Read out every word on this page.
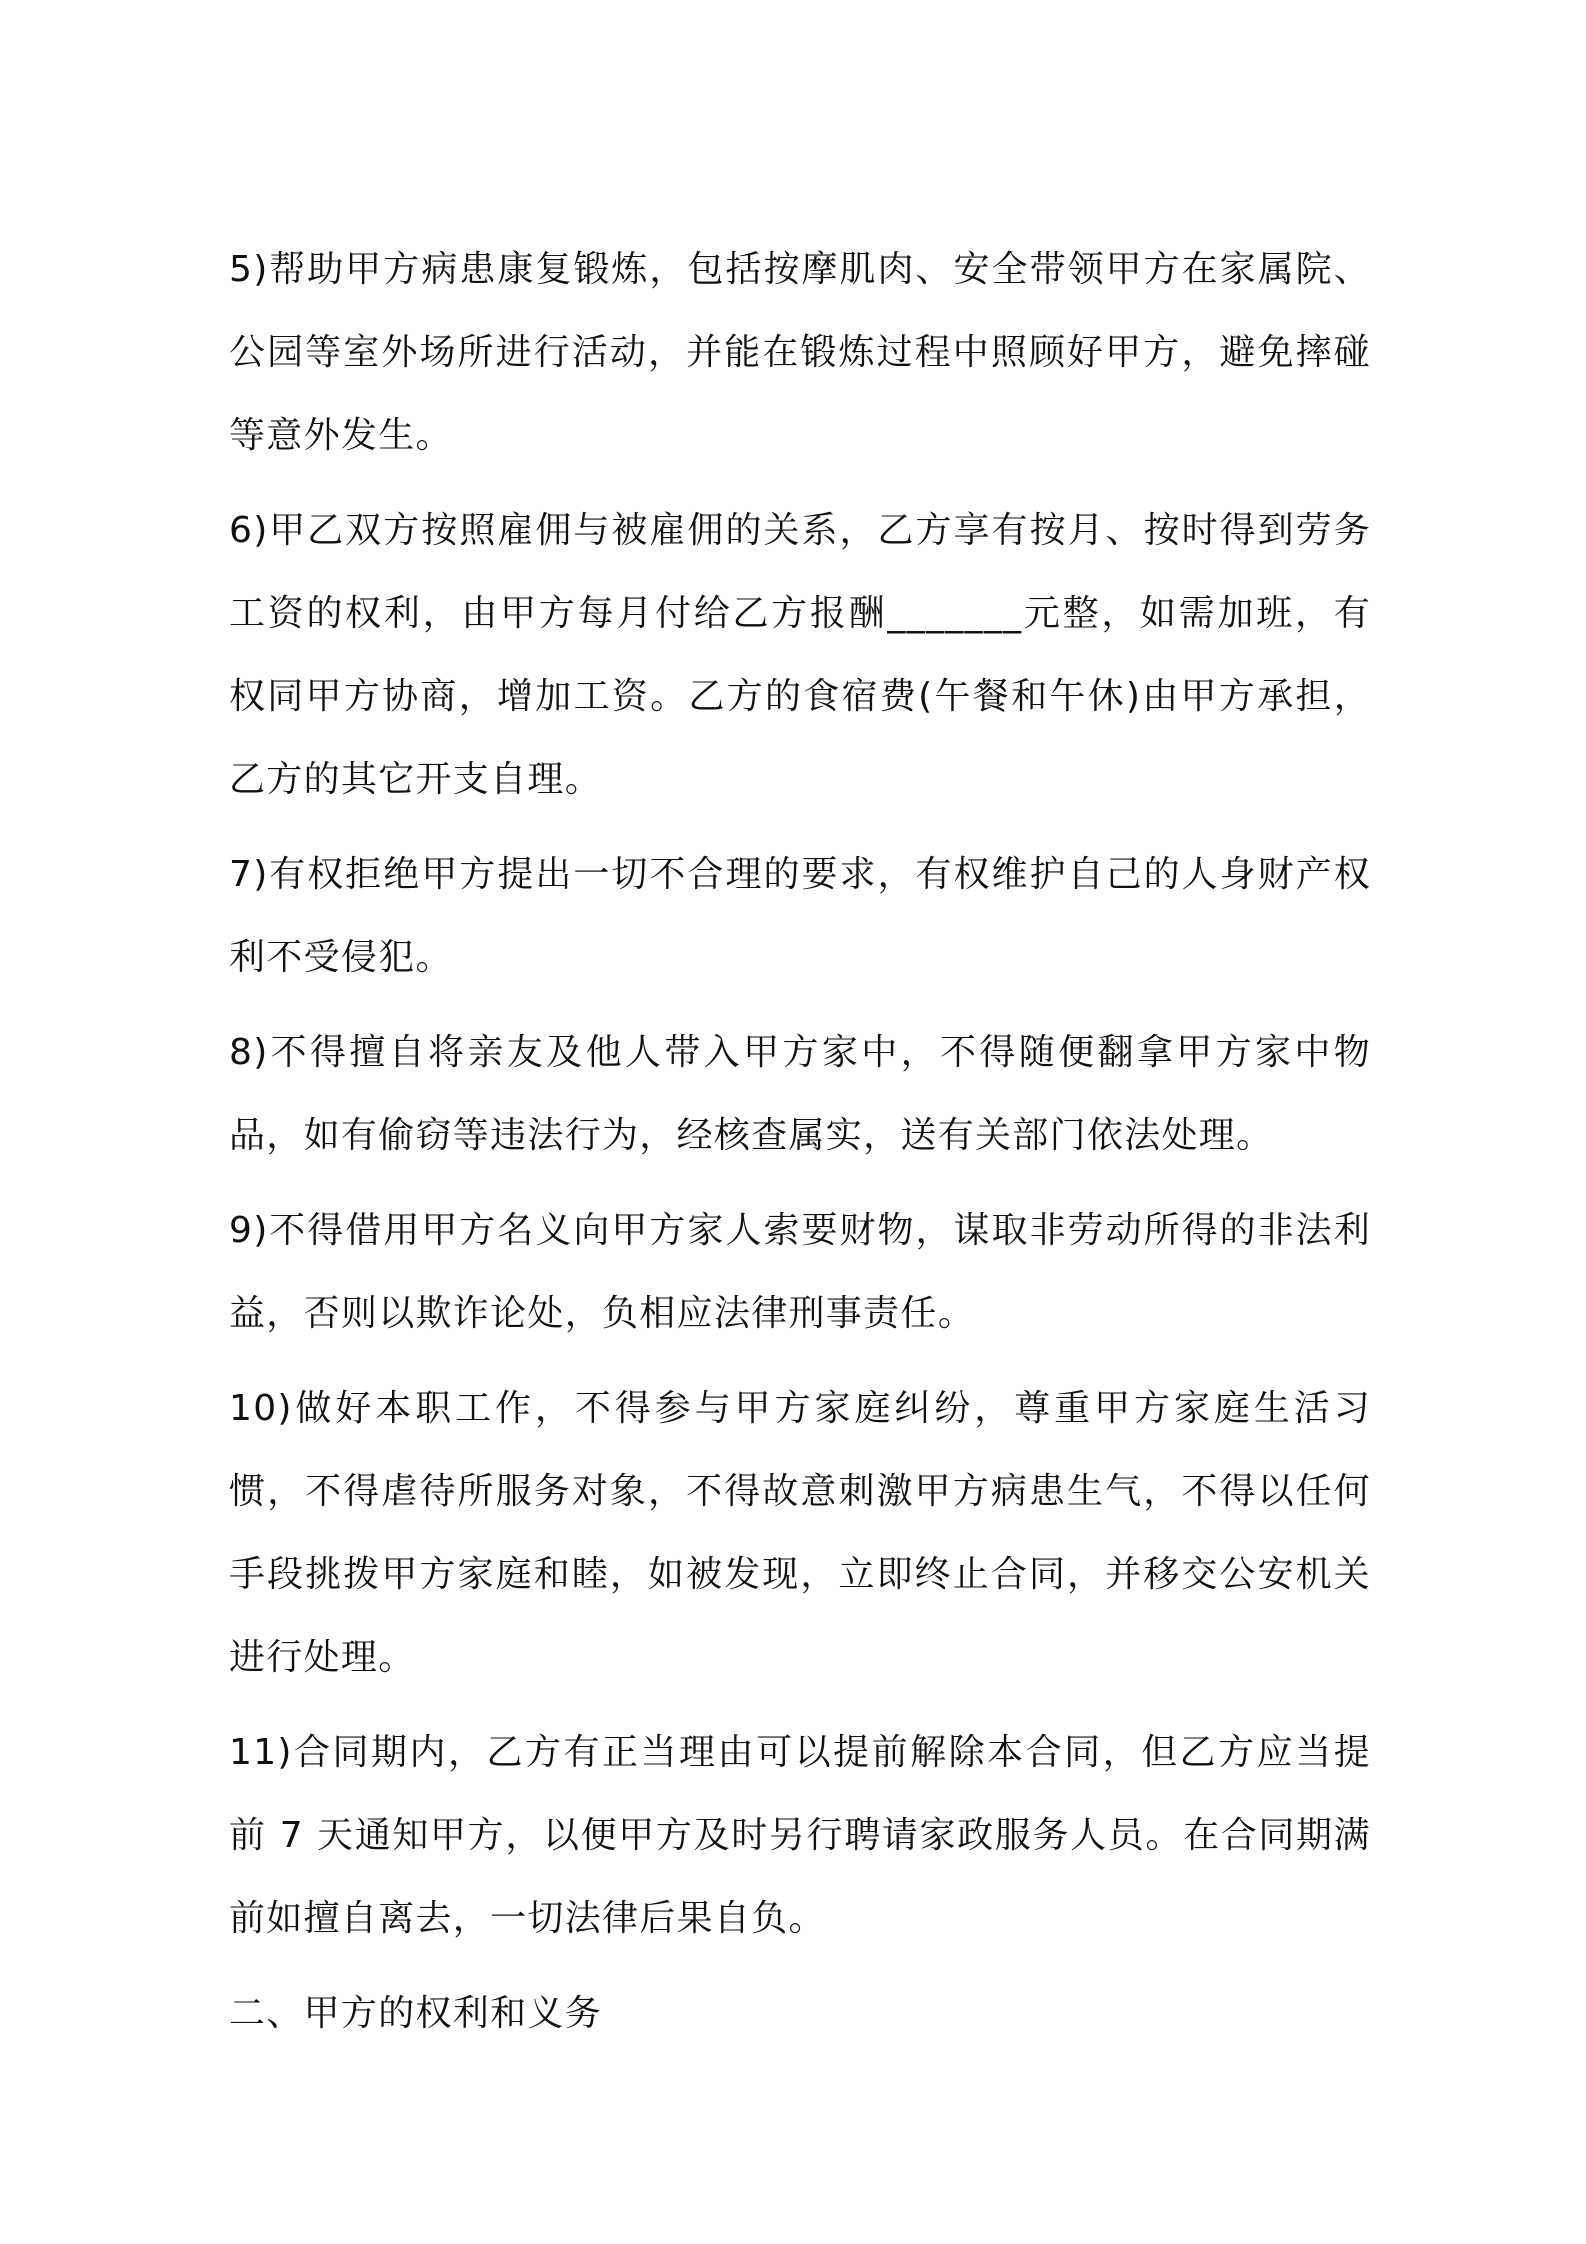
5)帮助甲方病患康复锻炼，包括按摩肌肉、安全带领甲方在家属院、公园等室外场所进行活动，并能在锻炼过程中照顾好甲方，避免摔碰等意外发生。

6)甲乙双方按照雇佣与被雇佣的关系，乙方享有按月、按时得到劳务工资的权利，由甲方每月付给乙方报酬_______元整，如需加班，有权同甲方协商，增加工资。乙方的食宿费(午餐和午休)由甲方承担，乙方的其它开支自理。

7)有权拒绝甲方提出一切不合理的要求，有权维护自己的人身财产权利不受侵犯。

8)不得擅自将亲友及他人带入甲方家中，不得随便翻拿甲方家中物品，如有偷窃等违法行为，经核查属实，送有关部门依法处理。

9)不得借用甲方名义向甲方家人索要财物，谋取非劳动所得的非法利益，否则以欺诈论处，负相应法律刑事责任。

10)做好本职工作，不得参与甲方家庭纠纷，尊重甲方家庭生活习惯，不得虐待所服务对象，不得故意刺激甲方病患生气，不得以任何手段挑拨甲方家庭和睦，如被发现，立即终止合同，并移交公安机关进行处理。

11)合同期内，乙方有正当理由可以提前解除本合同，但乙方应当提前 7 天通知甲方，以便甲方及时另行聘请家政服务人员。在合同期满前如擅自离去，一切法律后果自负。

二、甲方的权利和义务
